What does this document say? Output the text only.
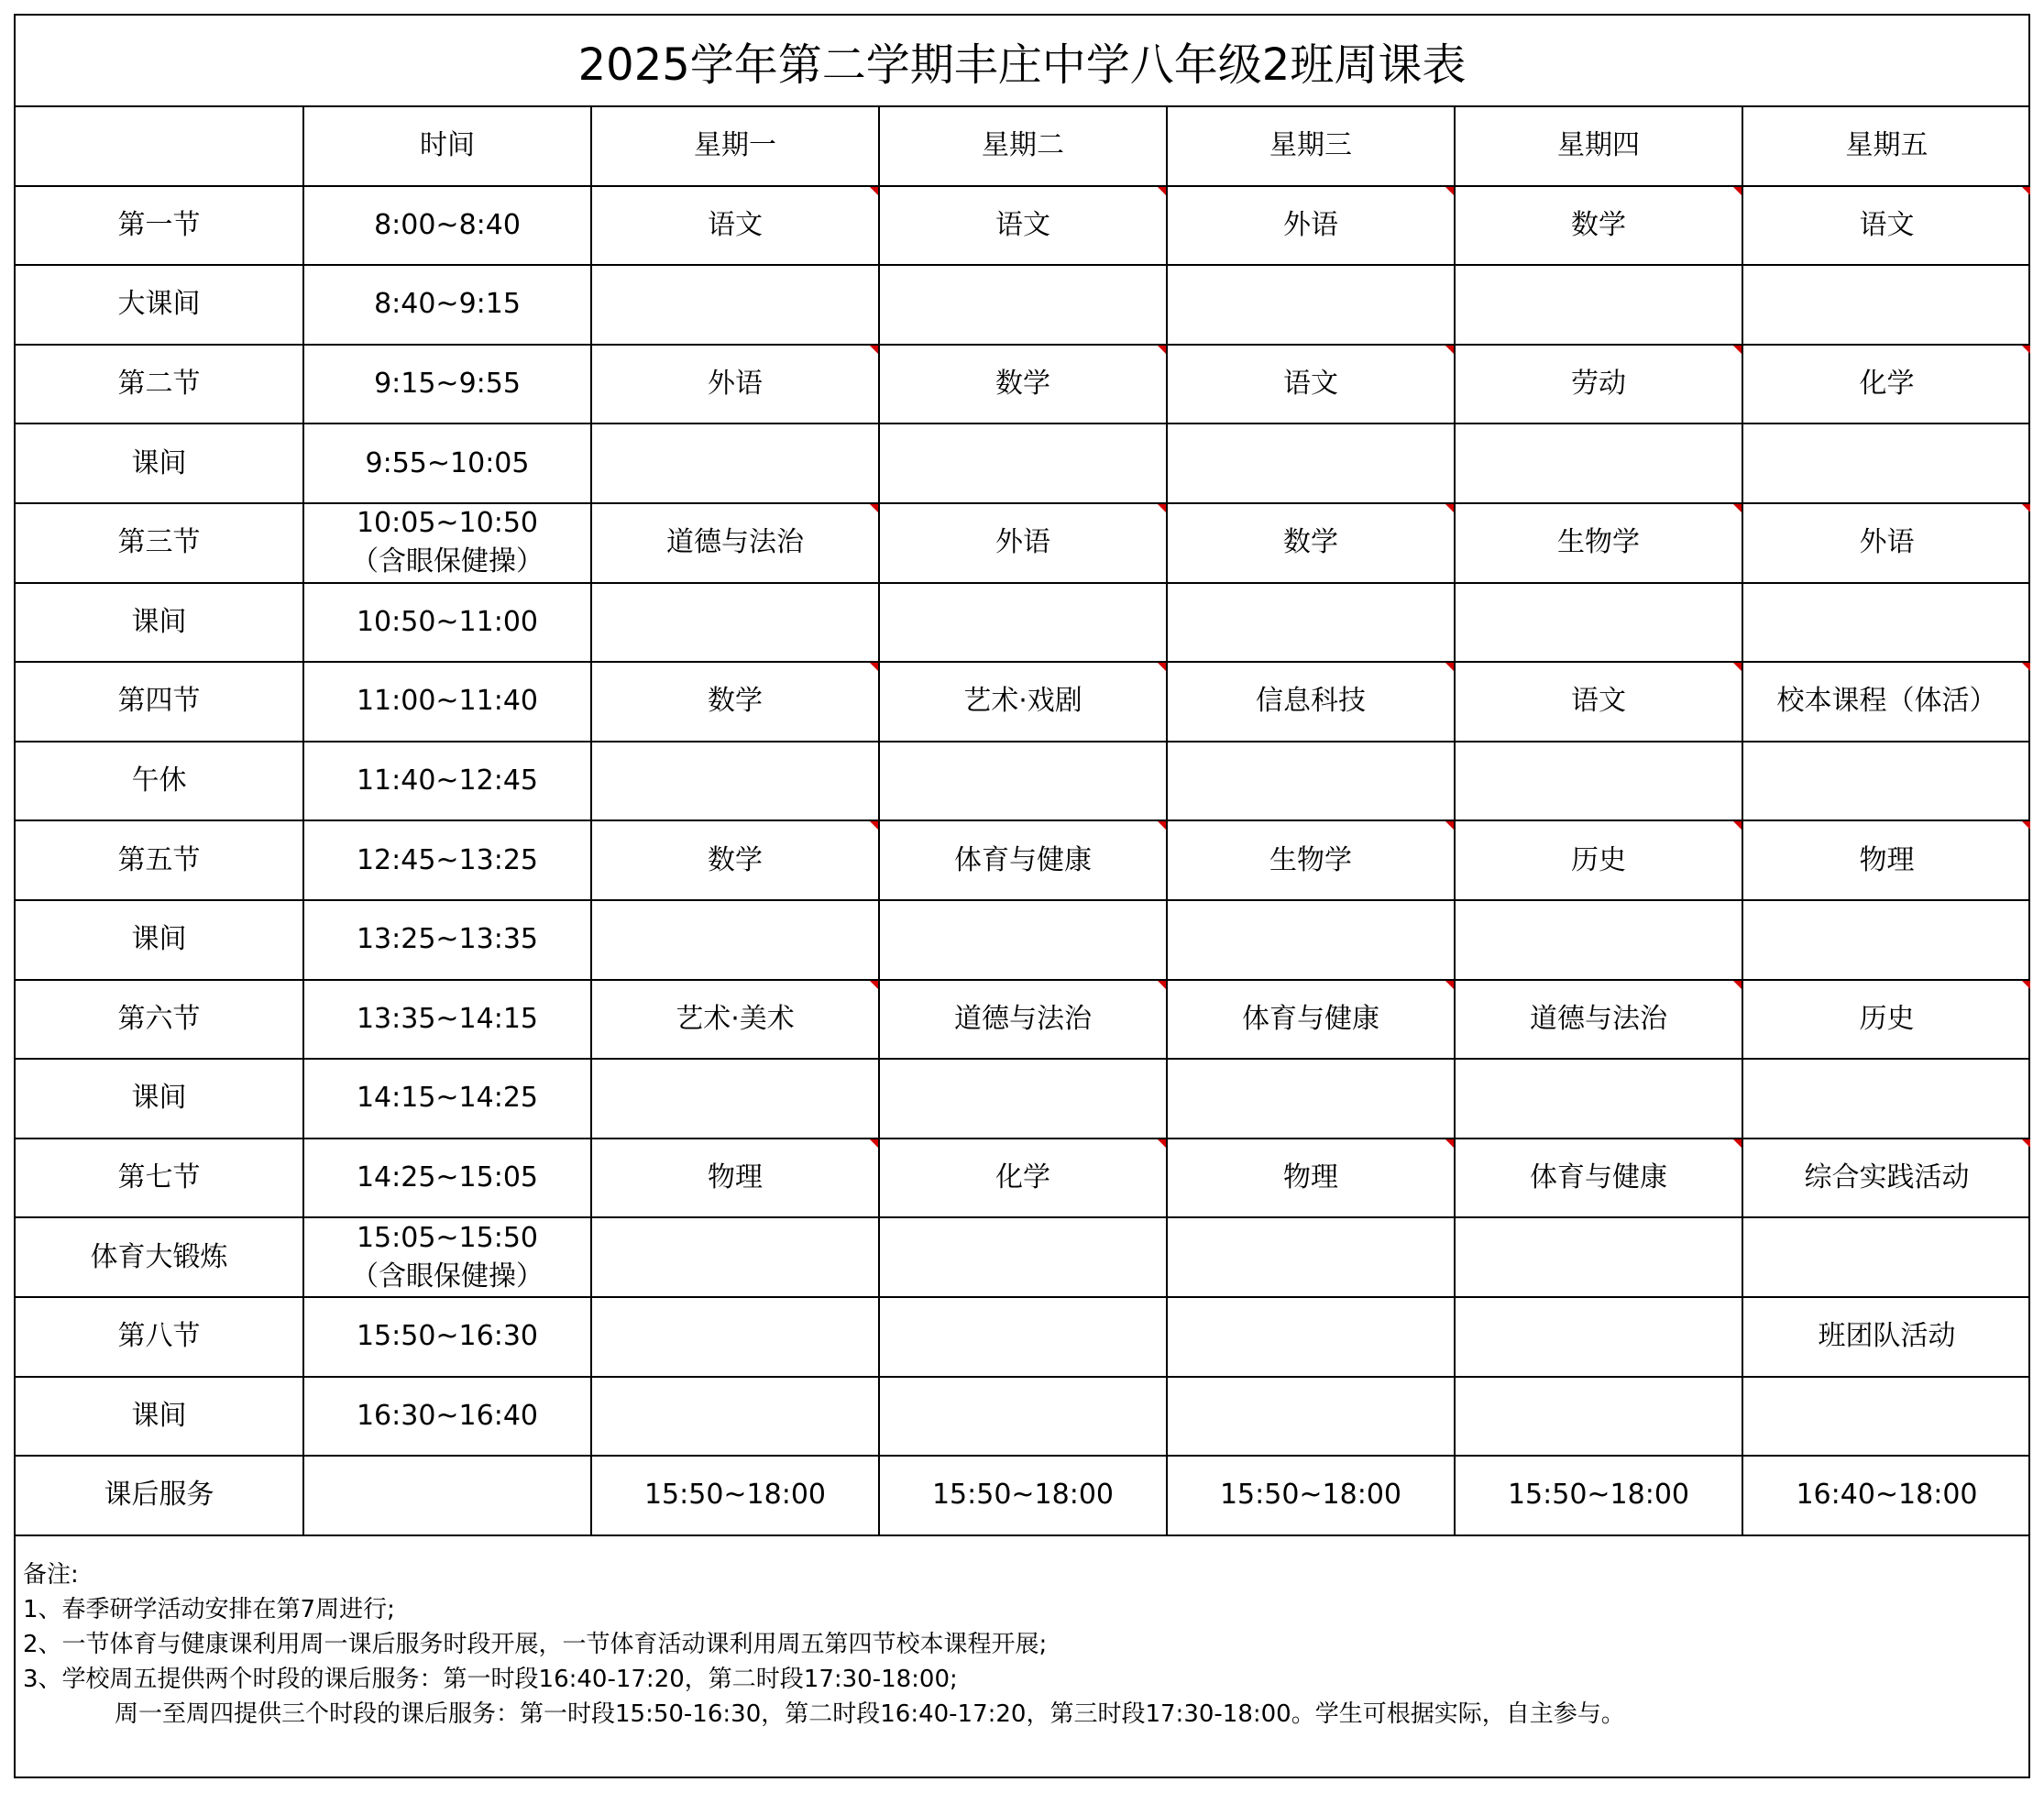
2025学年第二学期丰庄中学八年级2班周课表
	时间	星期一	星期二	星期三	星期四	星期五
第一节	8:00~8:40	语文	语文	外语	数学	语文

大课间	8:40~9:15					

第二节	9:15~9:55	外语	数学	语文	劳动	化学

课间	9:55~10:05					

第三节	10:05~10:50
（含眼保健操）	道德与法治	外语	数学	生物学	外语

课间	10:50~11:00					

第四节	11:00~11:40	数学	艺术·戏剧	信息科技	语文	校本课程（体活）

午休	11:40~12:45					

第五节	12:45~13:25	数学	体育与健康	生物学	历史	物理

课间	13:25~13:35					

第六节	13:35~14:15	艺术·美术	道德与法治	体育与健康	道德与法治	历史

课间	14:15~14:25					

第七节	14:25~15:05	物理	化学	物理	体育与健康	综合实践活动

体育大锻炼	15:05~15:50
（含眼保健操）					

第八节	15:50~16:30					班团队活动
课间	16:30~16:40					

课后服务		15:50~18:00	15:50~18:00	15:50~18:00	15:50~18:00	16:40~18:00
备注:
1、春季研学活动安排在第7周进行;
2、一节体育与健康课利用周一课后服务时段开展，一节体育活动课利用周五第四节校本课程开展;
3、学校周五提供两个时段的课后服务：第一时段16:40-17:20，第二时段17:30-18:00;
周一至周四提供三个时段的课后服务：第一时段15:50-16:30，第二时段16:40-17:20，第三时段17:30-18:00。学生可根据实际，自主参与。
